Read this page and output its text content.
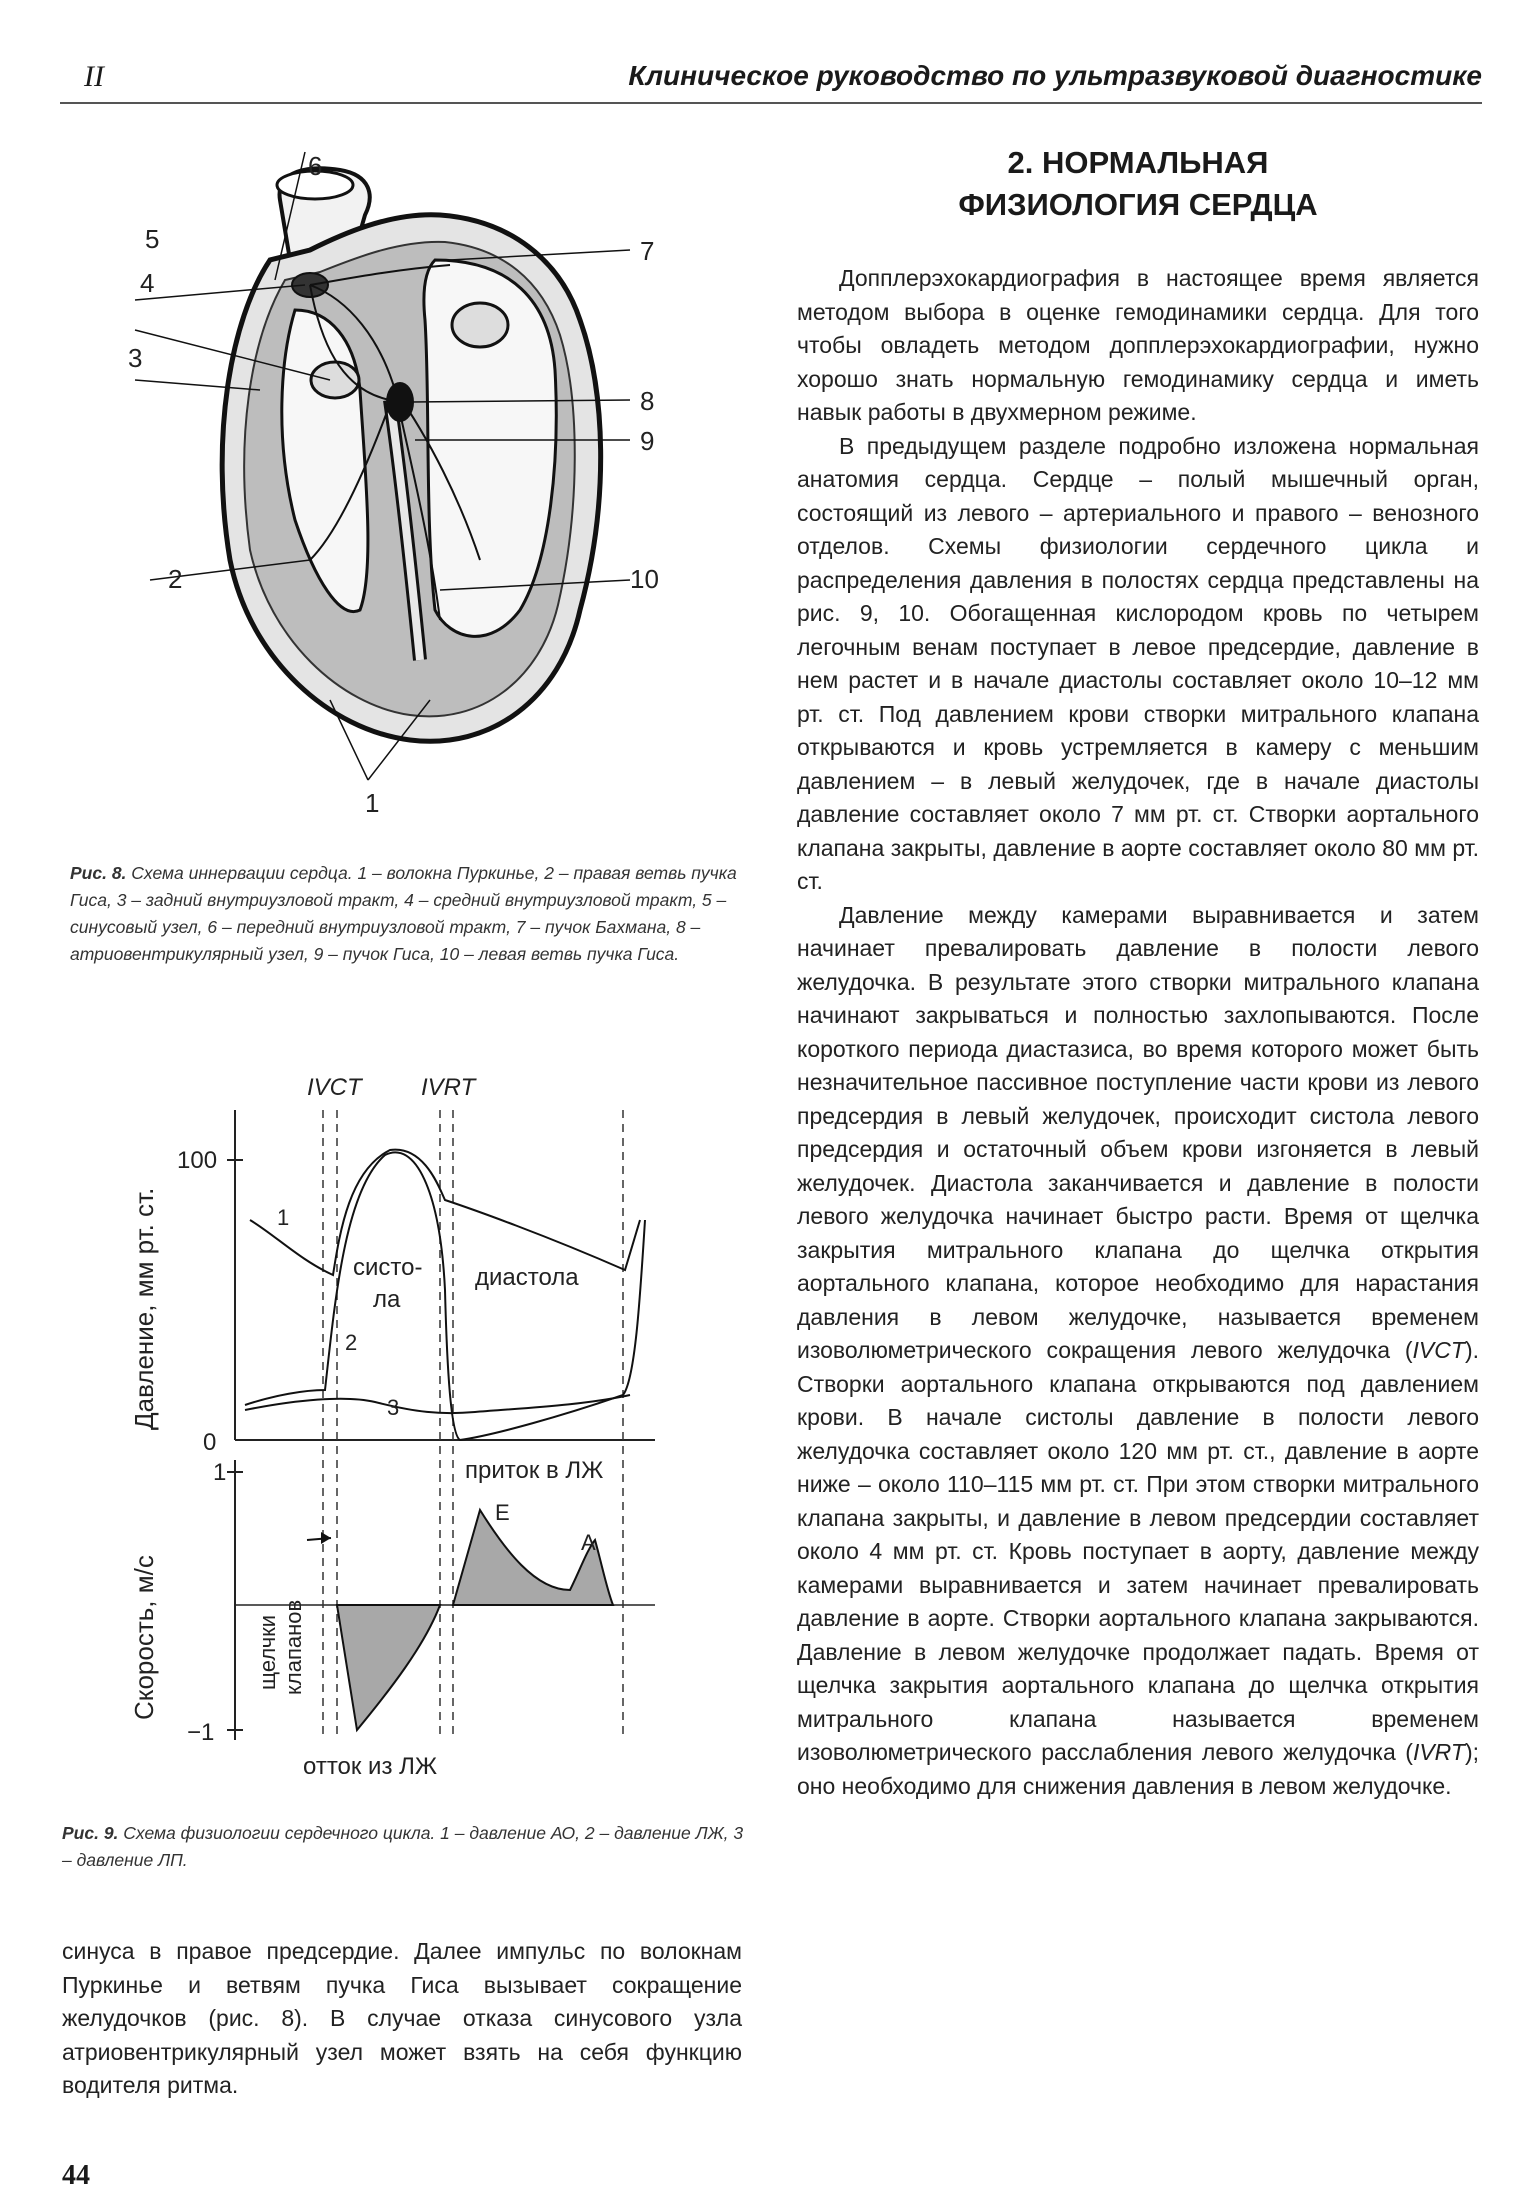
II	Клиническое руководство по ультразвуковой диагностике
6
5
4
3
7
8
9
10
2
1
Рис. 8. Схема иннервации сердца. 1 – волокна Пуркинье, 2 – правая ветвь пучка Гиса, 3 – задний внутриузловой тракт, 4 – средний внутриузловой тракт, 5 – синусовый узел, 6 – передний внутриузловой тракт, 7 – пучок Бахмана, 8 – атриовентрикулярный узел, 9 – пучок Гиса, 10 – левая ветвь пучка Гиса.
IVCT IVRT
100
0
1
−1
Давление, мм рт. ст.
Скорость, м/с
1
2
3
систо-
ла
диастола
приток в ЛЖ
отток из ЛЖ
E
A
щелчки клапанов
Рис. 9. Схема физиологии сердечного цикла. 1 – давление АО, 2 – давление ЛЖ, 3 – давление ЛП.

синуса в правое предсердие. Далее импульс по волокнам Пуркинье и ветвям пучка Гиса вызывает сокращение желудочков (рис. 8). В случае отказа синусового узла атриовентрикулярный узел может взять на себя функцию водителя ритма.

2. НОРМАЛЬНАЯ
ФИЗИОЛОГИЯ СЕРДЦА

Допплерэхокардиография в настоящее время является методом выбора в оценке гемодинамики сердца. Для того чтобы овладеть методом допплерэхокардиографии, нужно хорошо знать нормальную гемодинамику сердца и иметь навык работы в двухмерном режиме.

В предыдущем разделе подробно изложена нормальная анатомия сердца. Сердце – полый мышечный орган, состоящий из левого – артериального и правого – венозного отделов. Схемы физиологии сердечного цикла и распределения давления в полостях сердца представлены на рис. 9, 10. Обогащенная кислородом кровь по четырем легочным венам поступает в левое предсердие, давление в нем растет и в начале диастолы составляет около 10–12 мм рт. ст. Под давлением крови створки митрального клапана открываются и кровь устремляется в камеру с меньшим давлением – в левый желудочек, где в начале диастолы давление составляет около 7 мм рт. ст. Створки аортального клапана закрыты, давление в аорте составляет около 80 мм рт. ст.

Давление между камерами выравнивается и затем начинает превалировать давление в полости левого желудочка. В результате этого створки митрального клапана начинают закрываться и полностью захлопываются. После короткого периода диастазиса, во время которого может быть незначительное пассивное поступление части крови из левого предсердия в левый желудочек, происходит систола левого предсердия и остаточный объем крови изгоняется в левый желудочек. Диастола заканчивается и давление в полости левого желудочка начинает быстро расти. Время от щелчка закрытия митрального клапана до щелчка открытия аортального клапана, которое необходимо для нарастания давления в левом желудочке, называется временем изоволюметрического сокращения левого желудочка (IVCT). Створки аортального клапана открываются под давлением крови. В начале систолы давление в полости левого желудочка составляет около 120 мм рт. ст., давление в аорте ниже – около 110–115 мм рт. ст. При этом створки митрального клапана закрыты, и давление в левом предсердии составляет около 4 мм рт. ст. Кровь поступает в аорту, давление между камерами выравнивается и затем начинает превалировать давление в аорте. Створки аортального клапана закрываются. Давление в левом желудочке продолжает падать. Время от щелчка закрытия аортального клапана до щелчка открытия митрального клапана называется временем изоволюметрического расслабления левого желудочка (IVRT); оно необходимо для снижения давления в левом желудочке.

44
